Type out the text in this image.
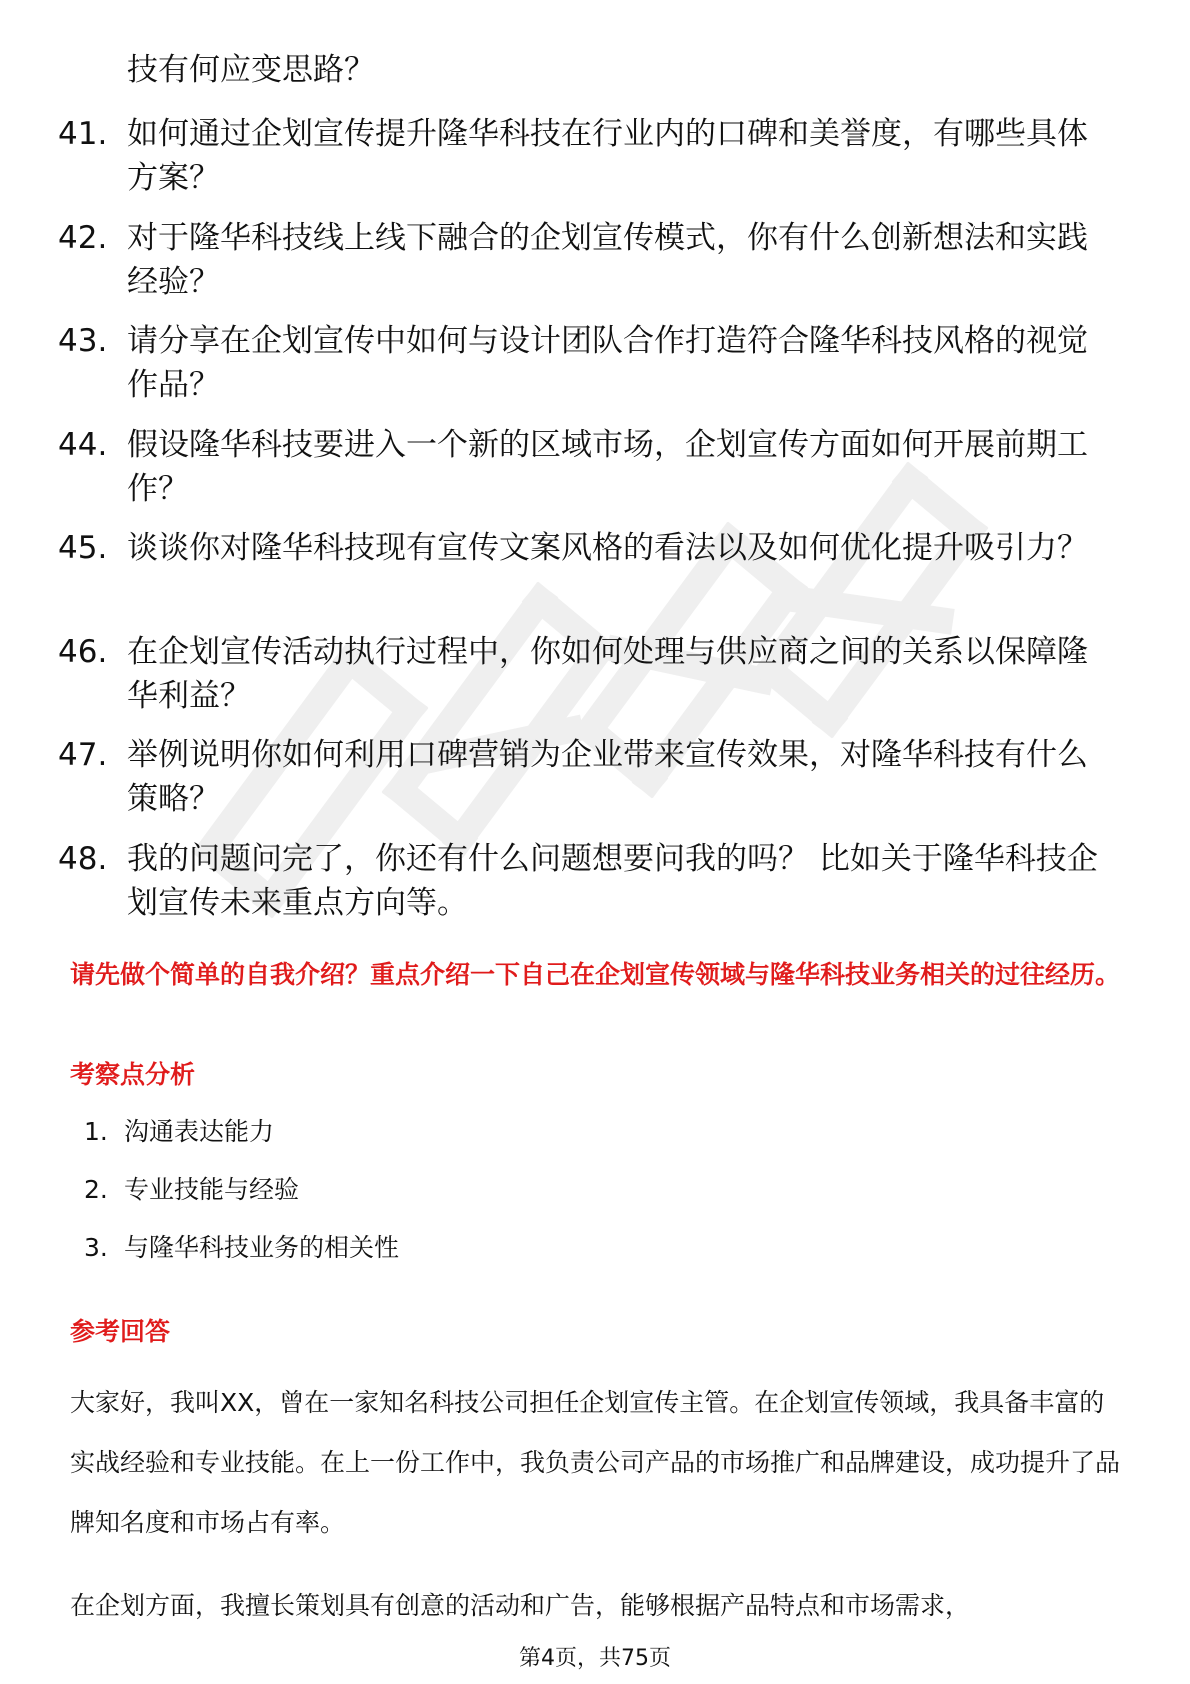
技有何应变思路？
41. 如何通过企划宣传提升隆华科技在行业内的口碑和美誉度，有哪些具体方案？
42. 对于隆华科技线上线下融合的企划宣传模式，你有什么创新想法和实践经验？
43. 请分享在企划宣传中如何与设计团队合作打造符合隆华科技风格的视觉作品？
44. 假设隆华科技要进入一个新的区域市场，企划宣传方面如何开展前期工作？
45. 谈谈你对隆华科技现有宣传文案风格的看法以及如何优化提升吸引力？
46. 在企划宣传活动执行过程中，你如何处理与供应商之间的关系以保障隆华利益？
47. 举例说明你如何利用口碑营销为企业带来宣传效果，对隆华科技有什么策略？
48. 我的问题问完了，你还有什么问题想要问我的吗？ 比如关于隆华科技企划宣传未来重点方向等。
请先做个简单的自我介绍？重点介绍一下自己在企划宣传领域与隆华科技业务相关的过往经历。
考察点分析
1. 沟通表达能力
2. 专业技能与经验
3. 与隆华科技业务的相关性
参考回答
大家好，我叫XX，曾在一家知名科技公司担任企划宣传主管。在企划宣传领域，我具备丰富的实战经验和专业技能。在上一份工作中，我负责公司产品的市场推广和品牌建设，成功提升了品牌知名度和市场占有率。
在企划方面，我擅长策划具有创意的活动和广告，能够根据产品特点和市场需求，
第4页，共75页
